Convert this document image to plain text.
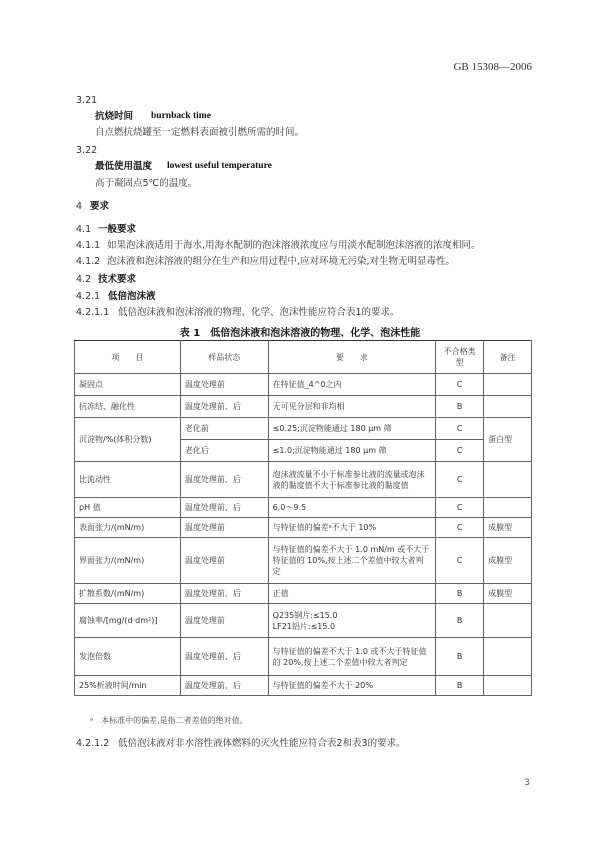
GB 15308—2006
3.21
抗烧时间 burnback time
自点燃抗烧罐至一定燃料表面被引燃所需的时间。
3.22
最低使用温度 lowest useful temperature
高于凝固点5℃的温度。
4 要求
4.1 一般要求
4.1.1 如果泡沫液适用于海水,用海水配制的泡沫溶液浓度应与用淡水配制泡沫溶液的浓度相同。
4.1.2 泡沫液和泡沫溶液的组分在生产和应用过程中,应对环境无污染,对生物无明显毒性。
4.2 技术要求
4.2.1 低倍泡沫液
4.2.1.1 低倍泡沫液和泡沫溶液的物理、化学、泡沫性能应符合表1的要求。
表 1　低倍泡沫液和泡沫溶液的物理、化学、泡沫性能
项　　目	样品状态	要　　求	不合格类型	备注
凝固点	温度处理前	在特征值_4^0之内	C	
抗冻结、融化性	温度处理前、后	无可见分层和非均相	B	
沉淀物/%(体积分数)	老化前	≤0.25;沉淀物能通过 180 μm 筛	C	蛋白型
	老化后	≤1.0;沉淀物能通过 180 μm 筛	C	
比流动性	温度处理前、后	泡沫液流量不小于标准参比液的流量或泡沫液的黏度值不大于标准参比液的黏度值	C	
pH 值	温度处理前、后	6.0～9.5	C	
表面张力/(mN/m)	温度处理前	与特征值的偏差ᵃ不大于 10%	C	成膜型
界面张力/(mN/m)	温度处理前	与特征值的偏差不大于 1.0 mN/m 或不大于特征值的 10%,按上述二个差值中较大者判定	C	成膜型
扩散系数/(mN/m)	温度处理前、后	正值	B	成膜型
腐蚀率/[mg/(d·dm²)]	温度处理前	Q235钢片:≤15.0
LF21铝片:≤15.0	B	
发泡倍数	温度处理前、后	与特征值的偏差不大于 1.0 或不大于特征值的 20%,按上述二个差值中较大者判定	B	
25%析液时间/min	温度处理前、后	与特征值的偏差不大于 20%	B	
ᵃ　本标准中的偏差,是指二者差值的绝对值。
4.2.1.2 低倍泡沫液对非水溶性液体燃料的灭火性能应符合表2和表3的要求。
3
